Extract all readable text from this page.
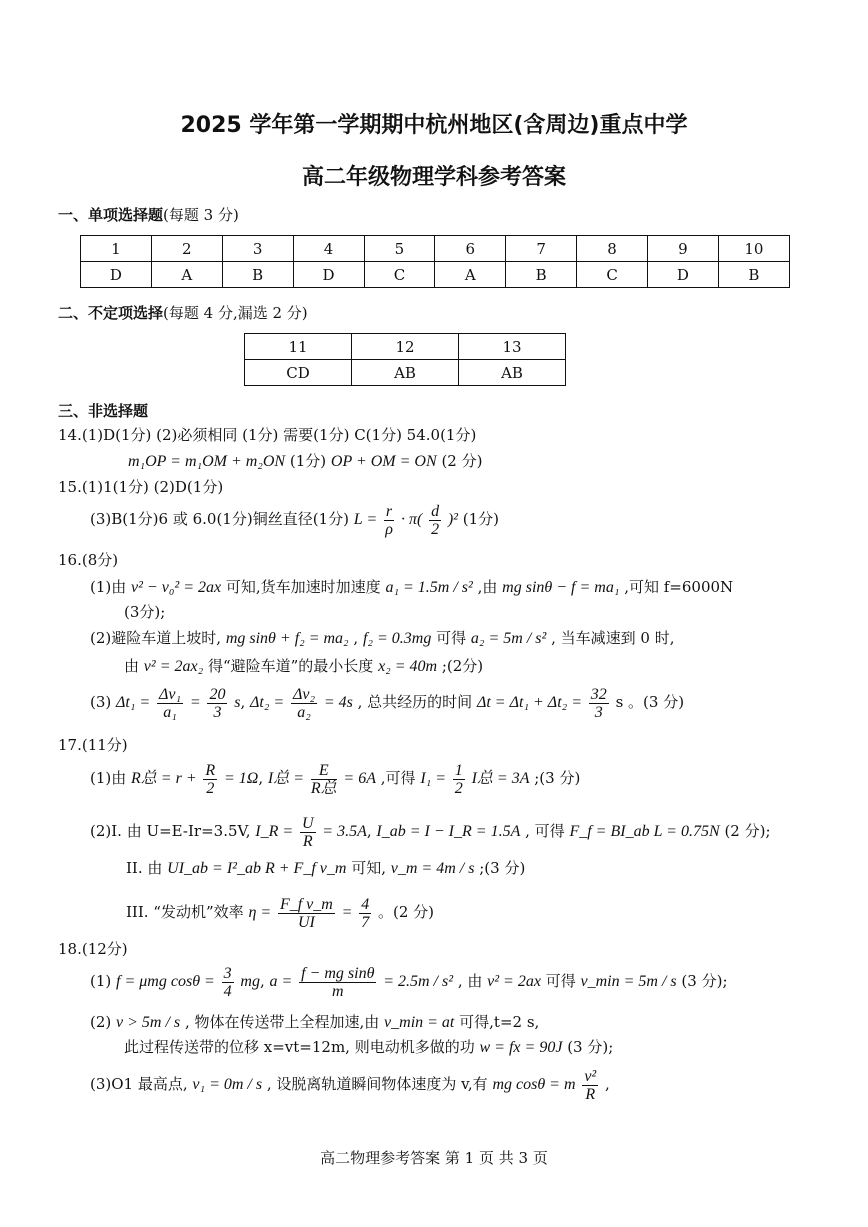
2025 学年第一学期期中杭州地区(含周边)重点中学
高二年级物理学科参考答案
一、单项选择题(每题 3 分)
1	2	3	4	5	6	7	8	9	10
D	A	B	D	C	A	B	C	D	B
二、不定项选择(每题 4 分,漏选 2 分)
11	12	13
CD	AB	AB
三、非选择题
14.(1)D(1分) (2)必须相同 (1分) 需要(1分) C(1分) 54.0(1分)
m₁OP = m₁OM + m₂ON (1分) OP + OM = ON (2 分)
15.(1)1(1分) (2)D(1分)
(3)B(1分)6 或 6.0(1分)铜丝直径(1分) $L = \frac{r}{\rho} \cdot \pi( \frac{d}{2} )^2$ (1分)
16.(8分)
(1)由 v² − v₀² = 2ax 可知,货车加速时加速度 a₁ = 1.5m / s² ,由 mg sinθ − f = ma₁ ,可知 f=6000N
(3分);
(2)避险车道上坡时, mg sinθ + f₂ = ma₂ , f₂ = 0.3mg 可得 a₂ = 5m / s² , 当车减速到 0 时,
由 v² = 2ax₂ 得“避险车道”的最小长度 x₂ = 40m ;(2分)
(3) $\Delta t_1 = \frac{\text{Δv₁}}{\text{a₁}} = \frac{20}{3} s$, $\Delta t_2 = \frac{\text{Δv₂}}{\text{a₂}} = 4s$ , 总共经历的时间 $\Delta t = \Delta t_1 + \Delta t_2 = \frac{32}{3}$ s 。(3 分)
17.(11分)
(1)由 R总 = $r + \frac{R}{2} = 1\Omega$, I总 = $\frac{E}{\text{R总}} = 6A$ ,可得 $I_1 = \frac{1}{2}$ I总 = 3A ;(3 分)
(2)I. 由 U=E-Ir=3.5V, I_R = $\frac{U}{R} = 3.5A$, I_ab = I − I_R = 1.5A , 可得 F_f = BI_ab L = 0.75N (2 分);
II. 由 UI_ab = I²_ab R + F_f v_m 可知, v_m = 4m / s ;(3 分)
III. “发动机”效率 $\eta = \frac{\text{F\_f v\_m}}{UI} = \frac{4}{7}$ 。(2 分)
18.(12分)
(1) f = μmg $\cos\theta = \frac{3}{4}$ mg, $a = \frac{\text{f − mg sinθ}}{m} = 2.5m / s^2$ , 由 v² = 2ax 可得 v_min = 5m / s (3 分);
(2) v > 5m / s , 物体在传送带上全程加速,由 v_min = at 可得,t=2 s,
此过程传送带的位移 x=vt=12m, 则电动机多做的功 w = fx = 90J (3 分);
(3)O1 最高点, v₁ = 0m / s , 设脱离轨道瞬间物体速度为 v,有 mg cosθ = m $\frac{\text{v²}}{R}$ ,
高二物理参考答案 第 1 页 共 3 页
